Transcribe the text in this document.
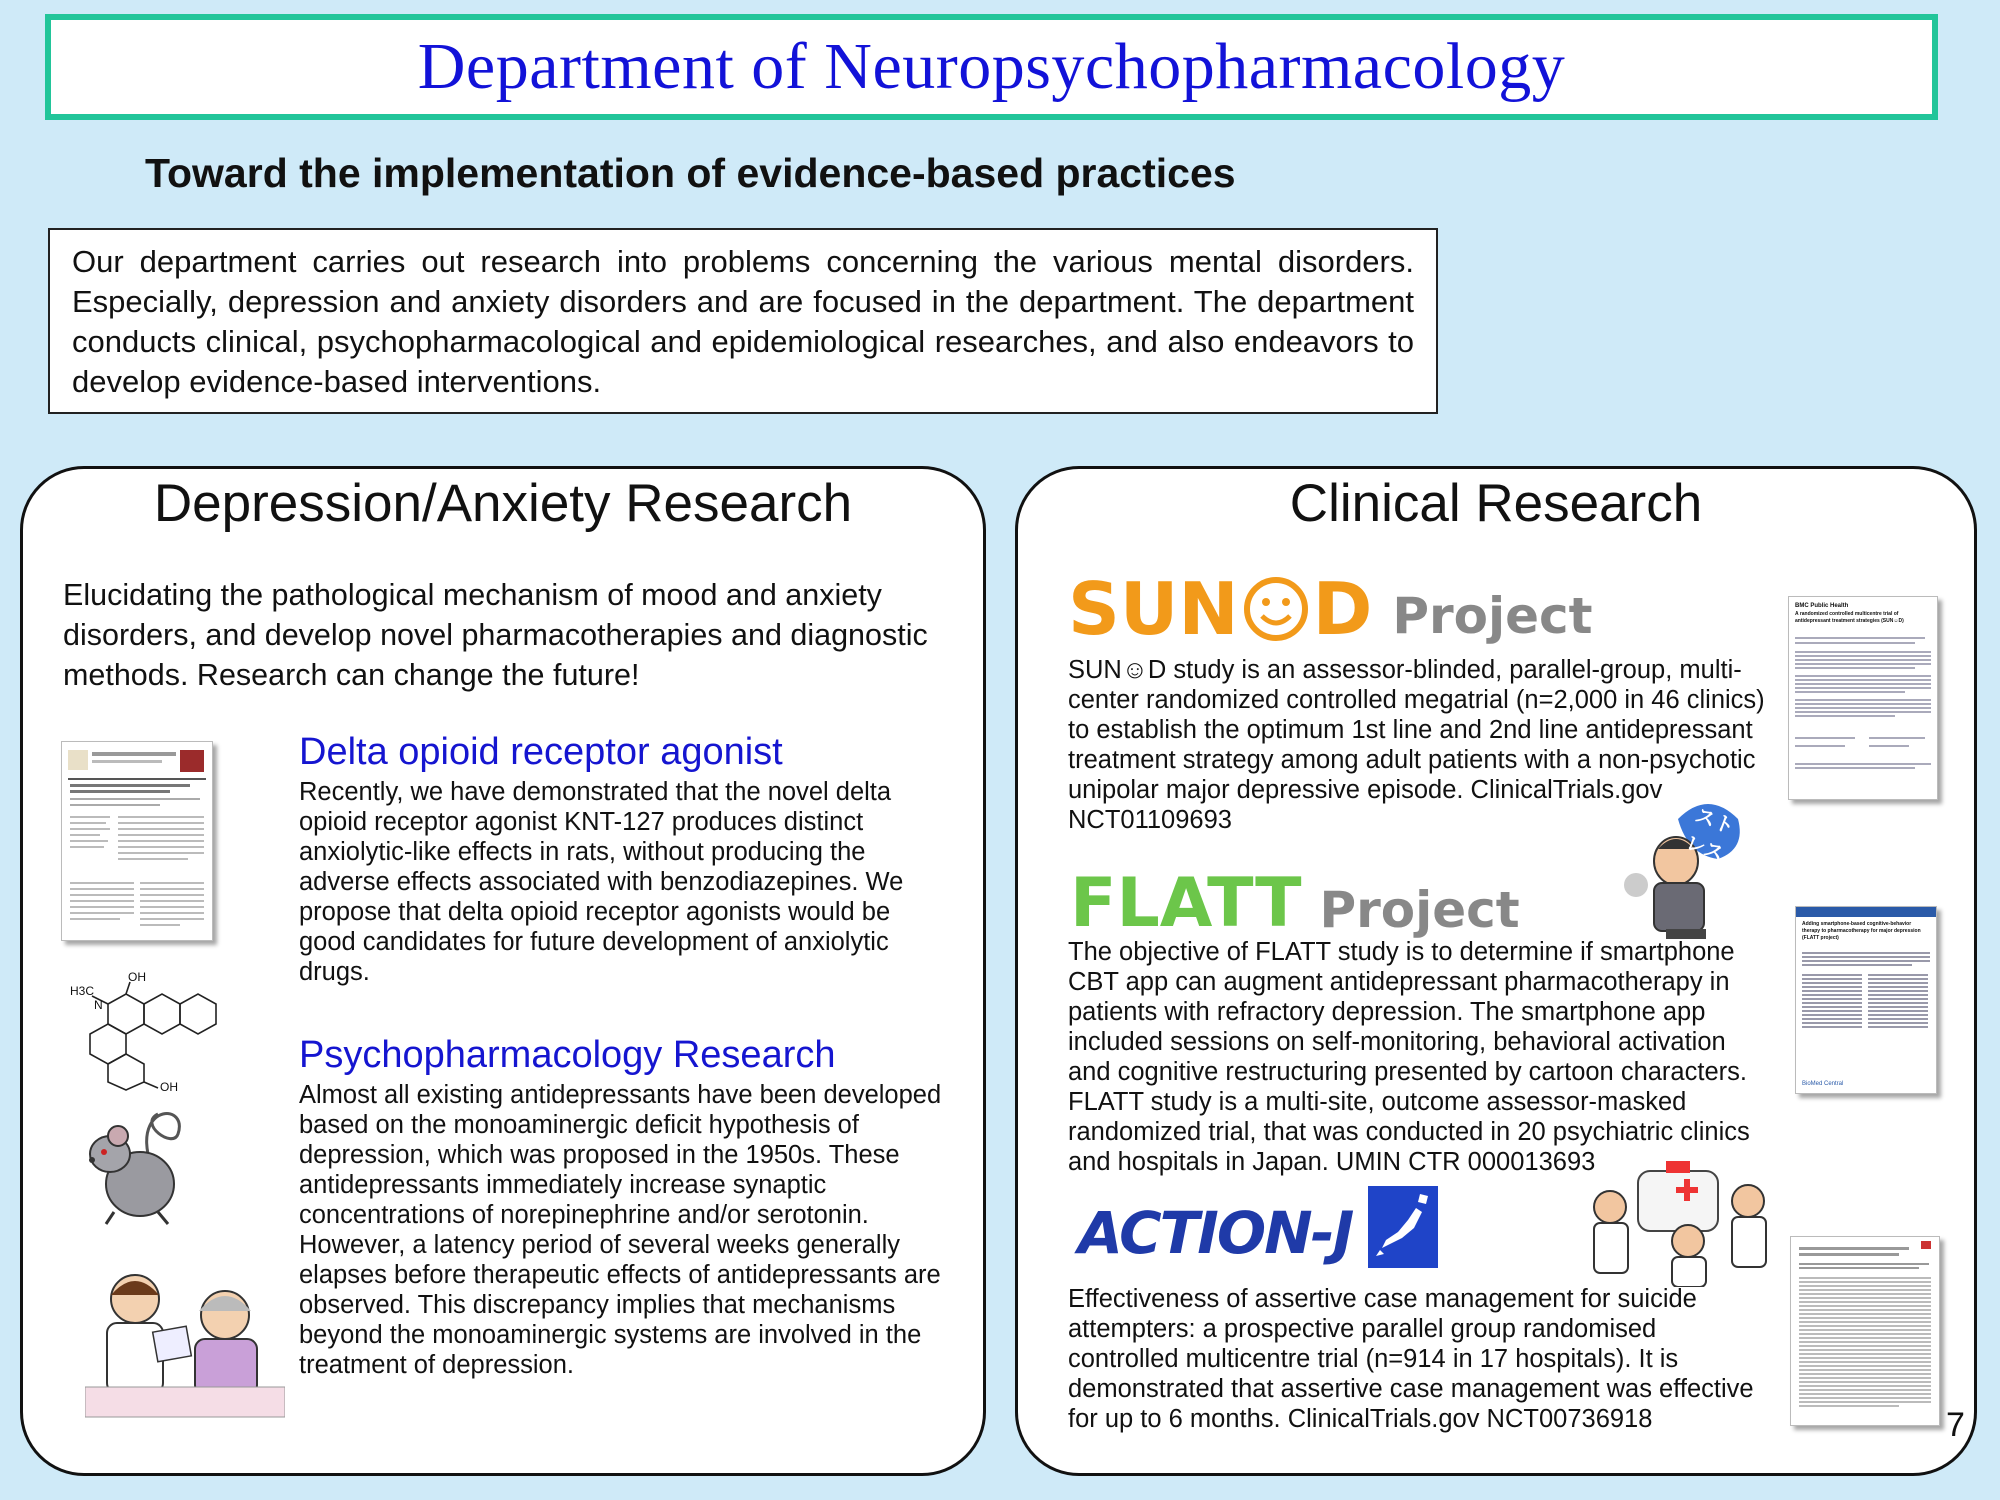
Department of Neuropsychopharmacology
Toward the implementation of evidence-based practices
Our department carries out research into problems concerning the various mental disorders. Especially, depression and anxiety disorders and are focused in the department. The department conducts clinical, psychopharmacological and epidemiological researches, and also endeavors to develop evidence-based interventions.
Depression/Anxiety Research
Elucidating the pathological mechanism of mood and anxiety disorders, and develop novel pharmacotherapies and diagnostic methods. Research can change the future!
H3C
N
OH
OH
Delta opioid receptor agonist
Recently, we have demonstrated that the novel delta opioid receptor agonist KNT-127 produces distinct anxiolytic-like effects in rats, without producing the adverse effects associated with benzodiazepines. We propose that delta opioid receptor agonists would be good candidates for future development of anxiolytic drugs.
Psychopharmacology Research
Almost all existing antidepressants have been developed based on the monoaminergic deficit hypothesis of depression, which was proposed in the 1950s. These antidepressants immediately increase synaptic concentrations of norepinephrine and/or serotonin. However, a latency period of several weeks generally elapses before therapeutic effects of antidepressants are observed. This discrepancy implies that mechanisms beyond the monoaminergic systems are involved in the treatment of depression.
Clinical Research
SUN D Project
SUN☺D study is an assessor-blinded, parallel-group, multi-center randomized controlled megatrial (n=2,000 in 46 clinics) to establish the optimum 1st line and 2nd line antidepressant treatment strategy among adult patients with a non-psychotic unipolar major depressive episode. ClinicalTrials.gov NCT01109693
BMC Public Health
A randomized controlled multicentre trial of antidepressant treatment strategies (SUN☺D)
ストレス
FLATT Project
The objective of FLATT study is to determine if smartphone CBT app can augment antidepressant pharmacotherapy in patients with refractory depression. The smartphone app included sessions on self-monitoring, behavioral activation and cognitive restructuring presented by cartoon characters. FLATT study is a multi-site, outcome assessor-masked randomized trial, that was conducted in 20 psychiatric clinics and hospitals in Japan. UMIN CTR 000013693
Adding smartphone-based cognitive-behavior therapy to pharmacotherapy for major depression (FLATT project)
BioMed Central
ACTION-J
Effectiveness of assertive case management for suicide attempters: a prospective parallel group randomised controlled multicentre trial (n=914 in 17 hospitals). It is demonstrated that assertive case management was effective for up to 6 months. ClinicalTrials.gov NCT00736918	7
